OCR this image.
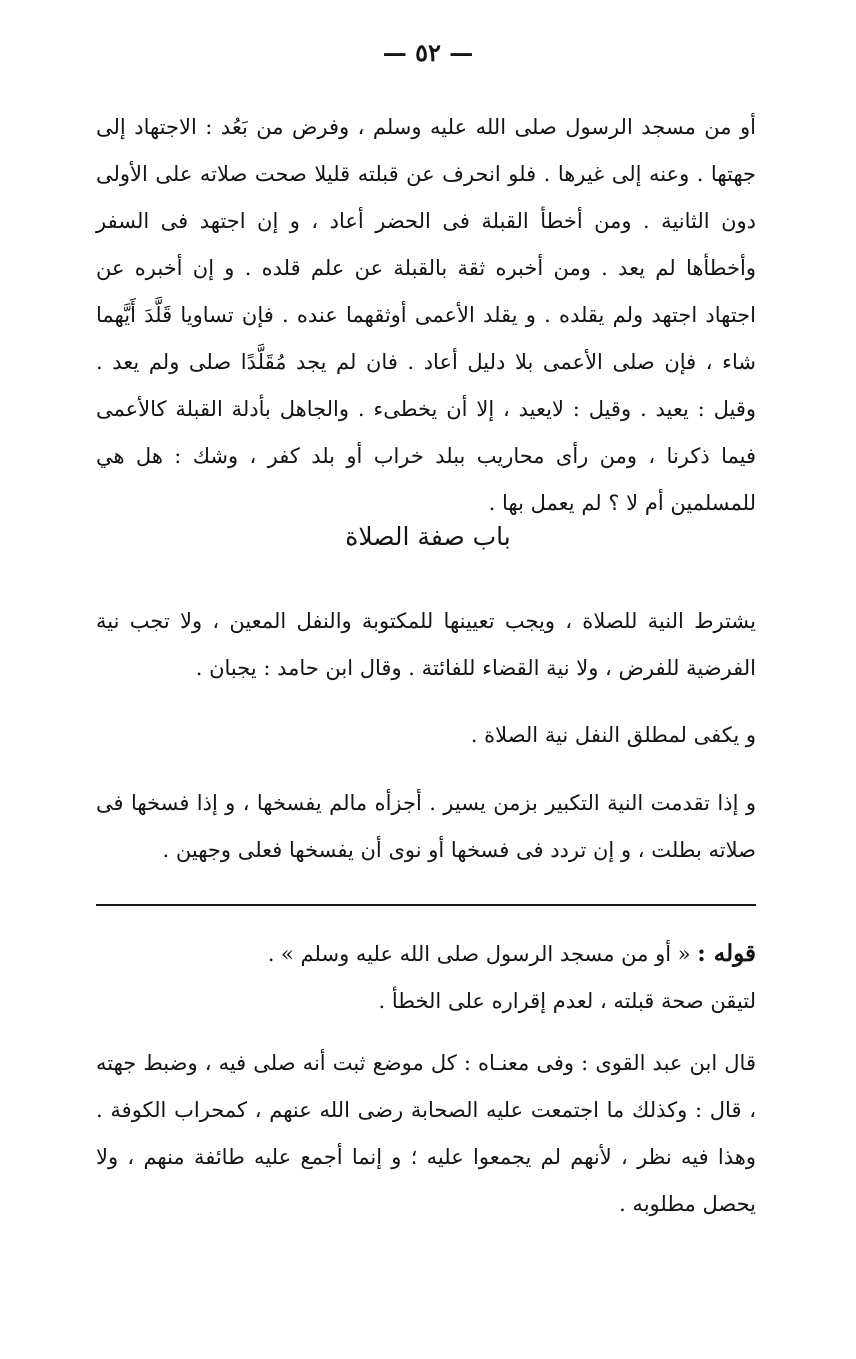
— ٥٢ —

أو من مسجد الرسول صلى الله عليه وسلم ، وفرض من بَعُد : الاجتهاد إلى جهتها . وعنه إلى غيرها . فلو انحرف عن قبلته قليلا صحت صلاته على الأولى دون الثانية . ومن أخطأ القبلة فى الحضر أعاد ، و إن اجتهد فى السفر وأخطأها لم يعد . ومن أخبره ثقة بالقبلة عن علم قلده . و إن أخبره عن اجتهاد اجتهد ولم يقلده . و يقلد الأعمى أوثقهما عنده . فإن تساويا قَلَّدَ أَيَّهما شاء ، فإن صلى الأعمى بلا دليل أعاد . فان لم يجد مُقَلَّدًا صلى ولم يعد . وقيل : يعيد . وقيل : لايعيد ، إلا أن يخطىء . والجاهل بأدلة القبلة كالأعمى فيما ذكرنا ، ومن رأى محاريب ببلد خراب أو بلد كفر ، وشك : هل هي للمسلمين أم لا ؟ لم يعمل بها .

باب صفة الصلاة

يشترط النية للصلاة ، ويجب تعيينها للمكتوبة والنفل المعين ، ولا تجب نية الفرضية للفرض ، ولا نية القضاء للفائتة . وقال ابن حامد : يجبان .

و يكفى لمطلق النفل نية الصلاة .

و إذا تقدمت النية التكبير بزمن يسير . أجزأه مالم يفسخها ، و إذا فسخها فى صلاته بطلت ، و إن تردد فى فسخها أو نوى أن يفسخها فعلى وجهين .

قوله : « أو من مسجد الرسول صلى الله عليه وسلم » .

لتيقن صحة قبلته ، لعدم إقراره على الخطأ .

قال ابن عبد القوى : وفى معنـاه : كل موضع ثبت أنه صلى فيه ، وضبط جهته ، قال : وكذلك ما اجتمعت عليه الصحابة رضى الله عنهم ، كمحراب الكوفة . وهذا فيه نظر ، لأنهم لم يجمعوا عليه ؛ و إنما أجمع عليه طائفة منهم ، ولا يحصل مطلوبه .
